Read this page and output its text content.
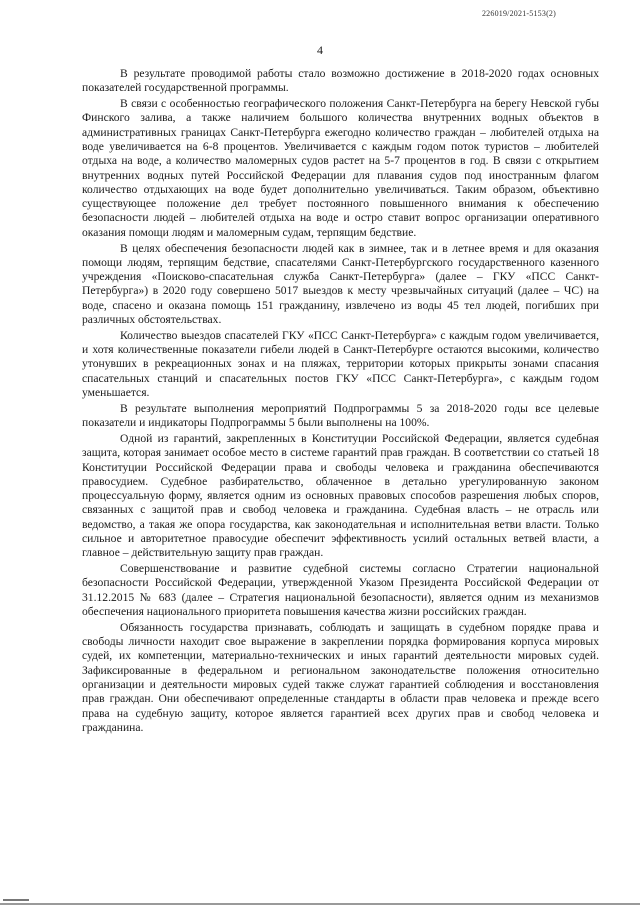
226019/2021-5153(2)
4

В результате проводимой работы стало возможно достижение в 2018-2020 годах основных показателей государственной программы.

В связи с особенностью географического положения Санкт-Петербурга на берегу Невской губы Финского залива, а также наличием большого количества внутренних водных объектов в административных границах Санкт-Петербурга ежегодно количество граждан – любителей отдыха на воде увеличивается на 6-8 процентов. Увеличивается с каждым годом поток туристов – любителей отдыха на воде, а количество маломерных судов растет на 5-7 процентов в год. В связи с открытием внутренних водных путей Российской Федерации для плавания судов под иностранным флагом количество отдыхающих на воде будет дополнительно увеличиваться. Таким образом, объективно существующее положение дел требует постоянного повышенного внимания к обеспечению безопасности людей – любителей отдыха на воде и остро ставит вопрос организации оперативного оказания помощи людям и маломерным судам, терпящим бедствие.

В целях обеспечения безопасности людей как в зимнее, так и в летнее время и для оказания помощи людям, терпящим бедствие, спасателями Санкт-Петербургского государственного казенного учреждения «Поисково-спасательная служба Санкт-Петербурга» (далее – ГКУ «ПСС Санкт-Петербурга») в 2020 году совершено 5017 выездов к месту чрезвычайных ситуаций (далее – ЧС) на воде, спасено и оказана помощь 151 гражданину, извлечено из воды 45 тел людей, погибших при различных обстоятельствах.

Количество выездов спасателей ГКУ «ПСС Санкт-Петербурга» с каждым годом увеличивается, и хотя количественные показатели гибели людей в Санкт-Петербурге остаются высокими, количество утонувших в рекреационных зонах и на пляжах, территории которых прикрыты зонами спасания спасательных станций и спасательных постов ГКУ «ПСС Санкт-Петербурга», с каждым годом уменьшается.

В результате выполнения мероприятий Подпрограммы 5 за 2018-2020 годы все целевые показатели и индикаторы Подпрограммы 5 были выполнены на 100%.

Одной из гарантий, закрепленных в Конституции Российской Федерации, является судебная защита, которая занимает особое место в системе гарантий прав граждан. В соответствии со статьей 18 Конституции Российской Федерации права и свободы человека и гражданина обеспечиваются правосудием. Судебное разбирательство, облаченное в детально урегулированную законом процессуальную форму, является одним из основных правовых способов разрешения любых споров, связанных с защитой прав и свобод человека и гражданина. Судебная власть – не отрасль или ведомство, а такая же опора государства, как законодательная и исполнительная ветви власти. Только сильное и авторитетное правосудие обеспечит эффективность усилий остальных ветвей власти, а главное – действительную защиту прав граждан.

Совершенствование и развитие судебной системы согласно Стратегии национальной безопасности Российской Федерации, утвержденной Указом Президента Российской Федерации от 31.12.2015 № 683 (далее – Стратегия национальной безопасности), является одним из механизмов обеспечения национального приоритета повышения качества жизни российских граждан.

Обязанность государства признавать, соблюдать и защищать в судебном порядке права и свободы личности находит свое выражение в закреплении порядка формирования корпуса мировых судей, их компетенции, материально-технических и иных гарантий деятельности мировых судей. Зафиксированные в федеральном и региональном законодательстве положения относительно организации и деятельности мировых судей также служат гарантией соблюдения и восстановления прав граждан. Они обеспечивают определенные стандарты в области прав человека и прежде всего права на судебную защиту, которое является гарантией всех других прав и свобод человека и гражданина.
